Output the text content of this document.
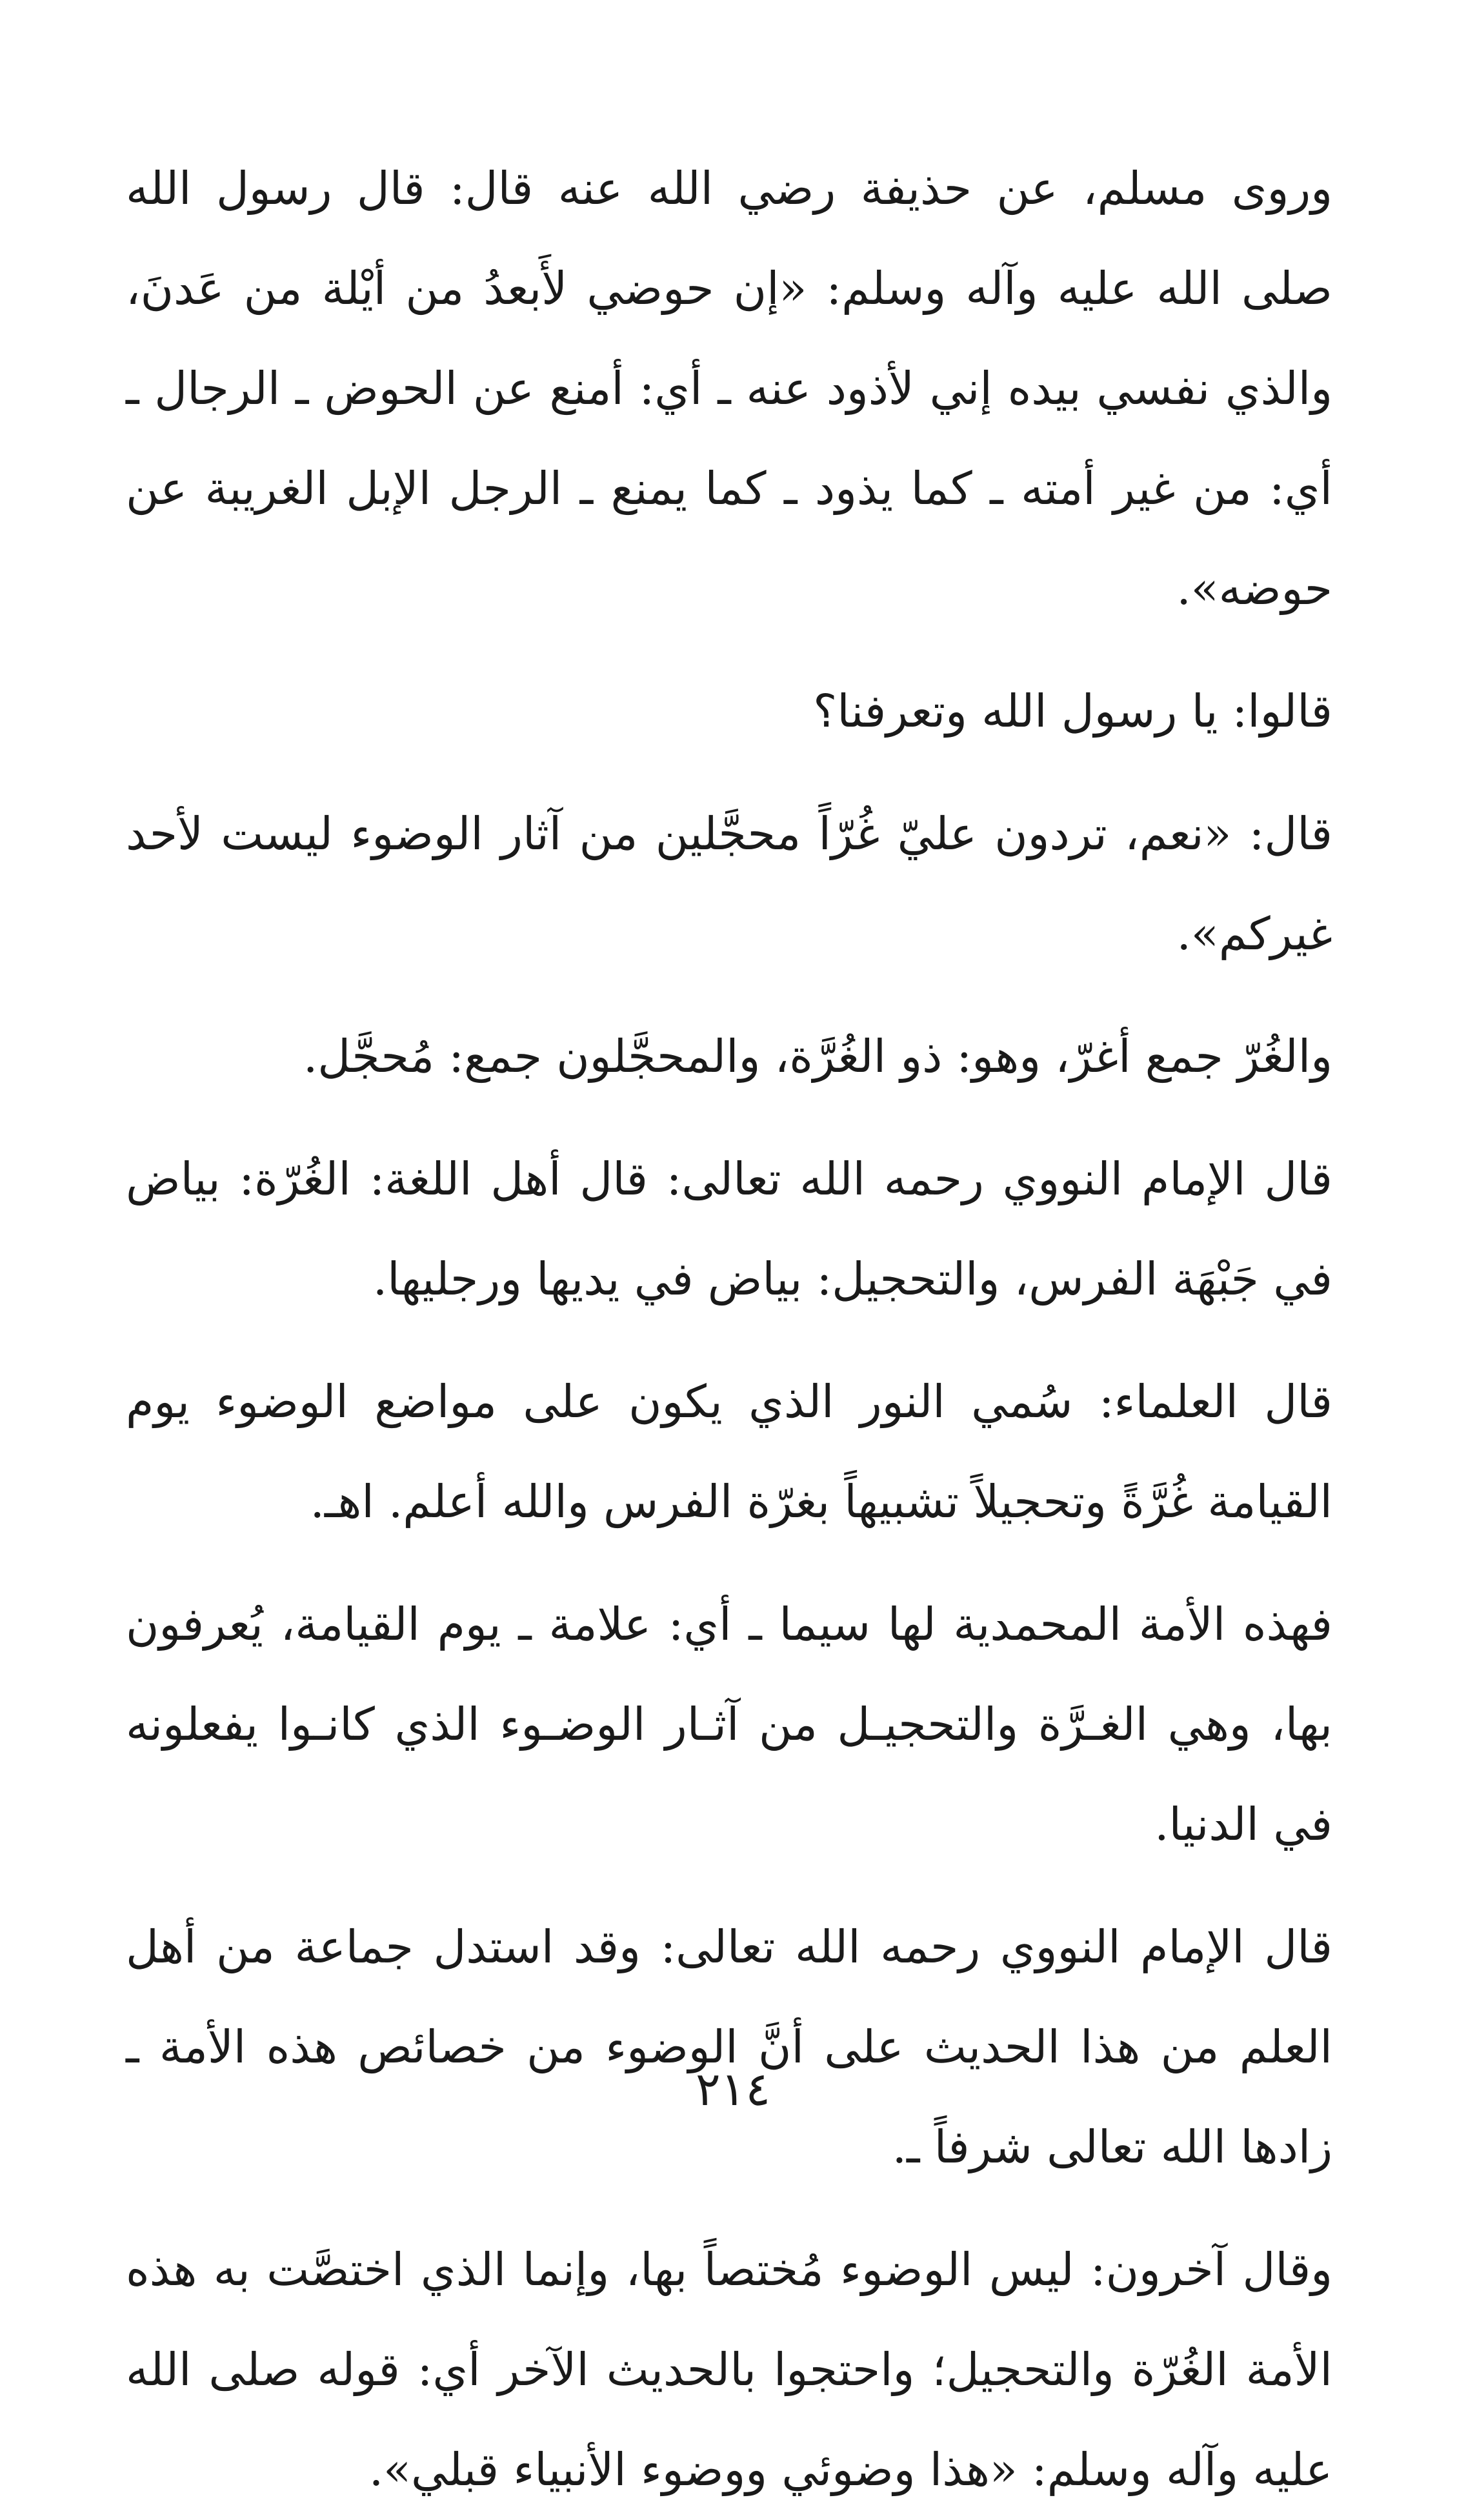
وروى مسلم، عن حذيفة رضي الله عنه قال: قال رسول الله صلى الله عليه وآله وسلم: «إن حوضي لأَبعدُ من أيْلة من عَدنَ، والذي نفسي بيده إني لأذود عنه ـ أي: أمنع عن الحوض ـ الرجال ـ أي: من غير أمته ـ كما يذود ـ كما يمنع ـ الرجل الإبل الغريبة عن حوضه».

قالوا: يا رسول الله وتعرفنا؟

قال: «نعم، تردون عليّ غُرّاً محجَّلين من آثار الوضوء ليست لأحد غيركم».

والغُرّ جمع أغرّ، وهو: ذو الغُرَّة، والمحجَّلون جمع: مُحجَّل.

قال الإمام النووي رحمه الله تعالى: قال أهل اللغة: الغُرّة: بياض في جَبْهَة الفرس، والتحجيل: بياض في يديها ورجليها.

قال العلماء: سُمي النور الذي يكون على مواضع الوضوء يوم القيامة غُرَّةً وتحجيلاً تشبيهاً بغرّة الفرس والله أعلم. اهـ.

فهذه الأمة المحمدية لها سيما ـ أي: علامة ـ يوم القيامة، يُعرفون بها، وهي الغـرَّة والتحجيـل من آثـار الوضـوء الذي كانـوا يفعلونه في الدنيا.

قال الإمام النووي رحمه الله تعالى: وقد استدل جماعة من أهل العلم من هذا الحديث على أنَّ الوضوء من خصائص هذه الأمة ـ زادها الله تعالى شرفاً ـ.

وقال آخرون: ليس الوضوء مُختصاً بها، وإنما الذي اختصَّت به هذه الأمة الغُرّة والتحجيل؛ واحتجوا بالحديث الآخر أي: قوله صلى الله عليه وآله وسلم: «هذا وضوئي ووضوء الأنبياء قبلي».

٢١٤
